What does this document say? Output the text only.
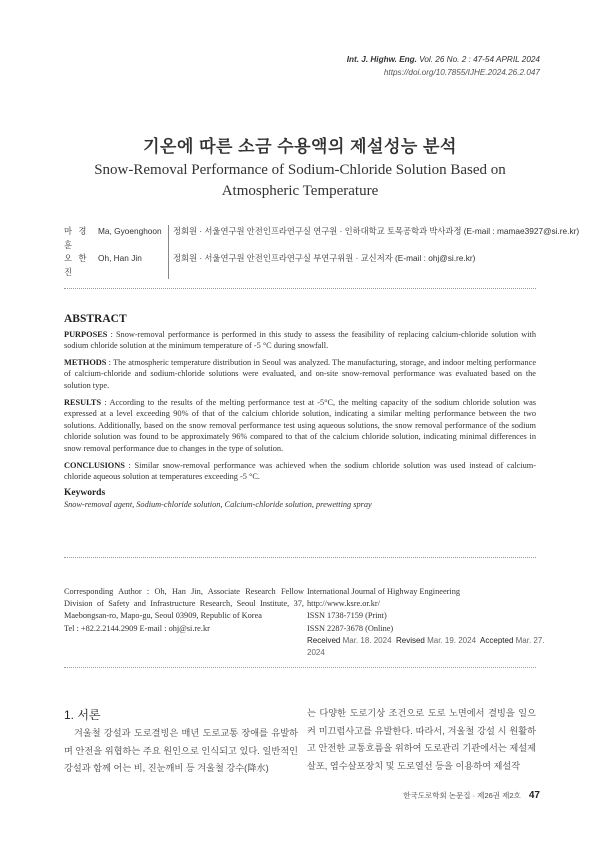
Int. J. Highw. Eng. Vol. 26 No. 2 : 47-54 APRIL 2024
https://doi.org/10.7855/IJHE.2024.26.2.047
기온에 따른 소금 수용액의 제설성능 분석
Snow-Removal Performance of Sodium-Chloride Solution Based on Atmospheric Temperature
마 경 훈
Ma, Gyoenghoon	정회원 · 서울연구원 안전인프라연구실 연구원 · 인하대학교 토목공학과 박사과정 (E-mail : mamae3927@si.re.kr)
오 한 진
Oh, Han Jin	정회원 · 서울연구원 안전인프라연구실 부연구위원 · 교신저자 (E-mail : ohj@si.re.kr)
ABSTRACT

PURPOSES : Snow-removal performance is performed in this study to assess the feasibility of replacing calcium-chloride solution with sodium chloride solution at the minimum temperature of -5 °C during snowfall.

METHODS : The atmospheric temperature distribution in Seoul was analyzed. The manufacturing, storage, and indoor melting performance of calcium-chloride and sodium-chloride solutions were evaluated, and on-site snow-removal performance was evaluated based on the solution type.

RESULTS : According to the results of the melting performance test at -5°C, the melting capacity of the sodium chloride solution was expressed at a level exceeding 90% of that of the calcium chloride solution, indicating a similar melting performance between the two solutions. Additionally, based on the snow removal performance test using aqueous solutions, the snow removal performance of the sodium chloride solution was found to be approximately 96% compared to that of the calcium chloride solution, indicating minimal differences in snow removal performance due to changes in the type of solution.

CONCLUSIONS : Similar snow-removal performance was achieved when the sodium chloride solution was used instead of calcium-chloride aqueous solution at temperatures exceeding -5 °C.

Keywords
Snow-removal agent, Sodium-chloride solution, Calcium-chloride solution, prewetting spray
Corresponding Author : Oh, Han Jin, Associate Research Fellow Division of Safety and Infrastructure Research, Seoul Institute, 37, Maebongsan-ro, Mapo-gu, Seoul 03909, Republic of Korea
Tel : +82.2.2144.2909 E-mail : ohj@si.re.kr
International Journal of Highway Engineering
http://www.ksre.or.kr/
ISSN 1738-7159 (Print)
ISSN 2287-3678 (Online)
Received Mar. 18. 2024 Revised Mar. 19. 2024 Accepted Mar. 27. 2024
1. 서론
겨울철 강설과 도로결빙은 매년 도로교통 장애를 유발하며 안전을 위협하는 주요 원인으로 인식되고 있다. 일반적인 강설과 함께 어는 비, 진눈깨비 등 겨울철 강수(降水)
는 다양한 도로기상 조건으로 도로 노면에서 결빙을 일으켜 미끄럼사고를 유발한다. 따라서, 겨울철 강설 시 원활하고 안전한 교통흐름을 위하여 도로관리 기관에서는 제설제 살포, 염수살포장치 및 도로열선 등을 이용하여 제설작
한국도로학회 논문집 · 제26권 제2호 47
